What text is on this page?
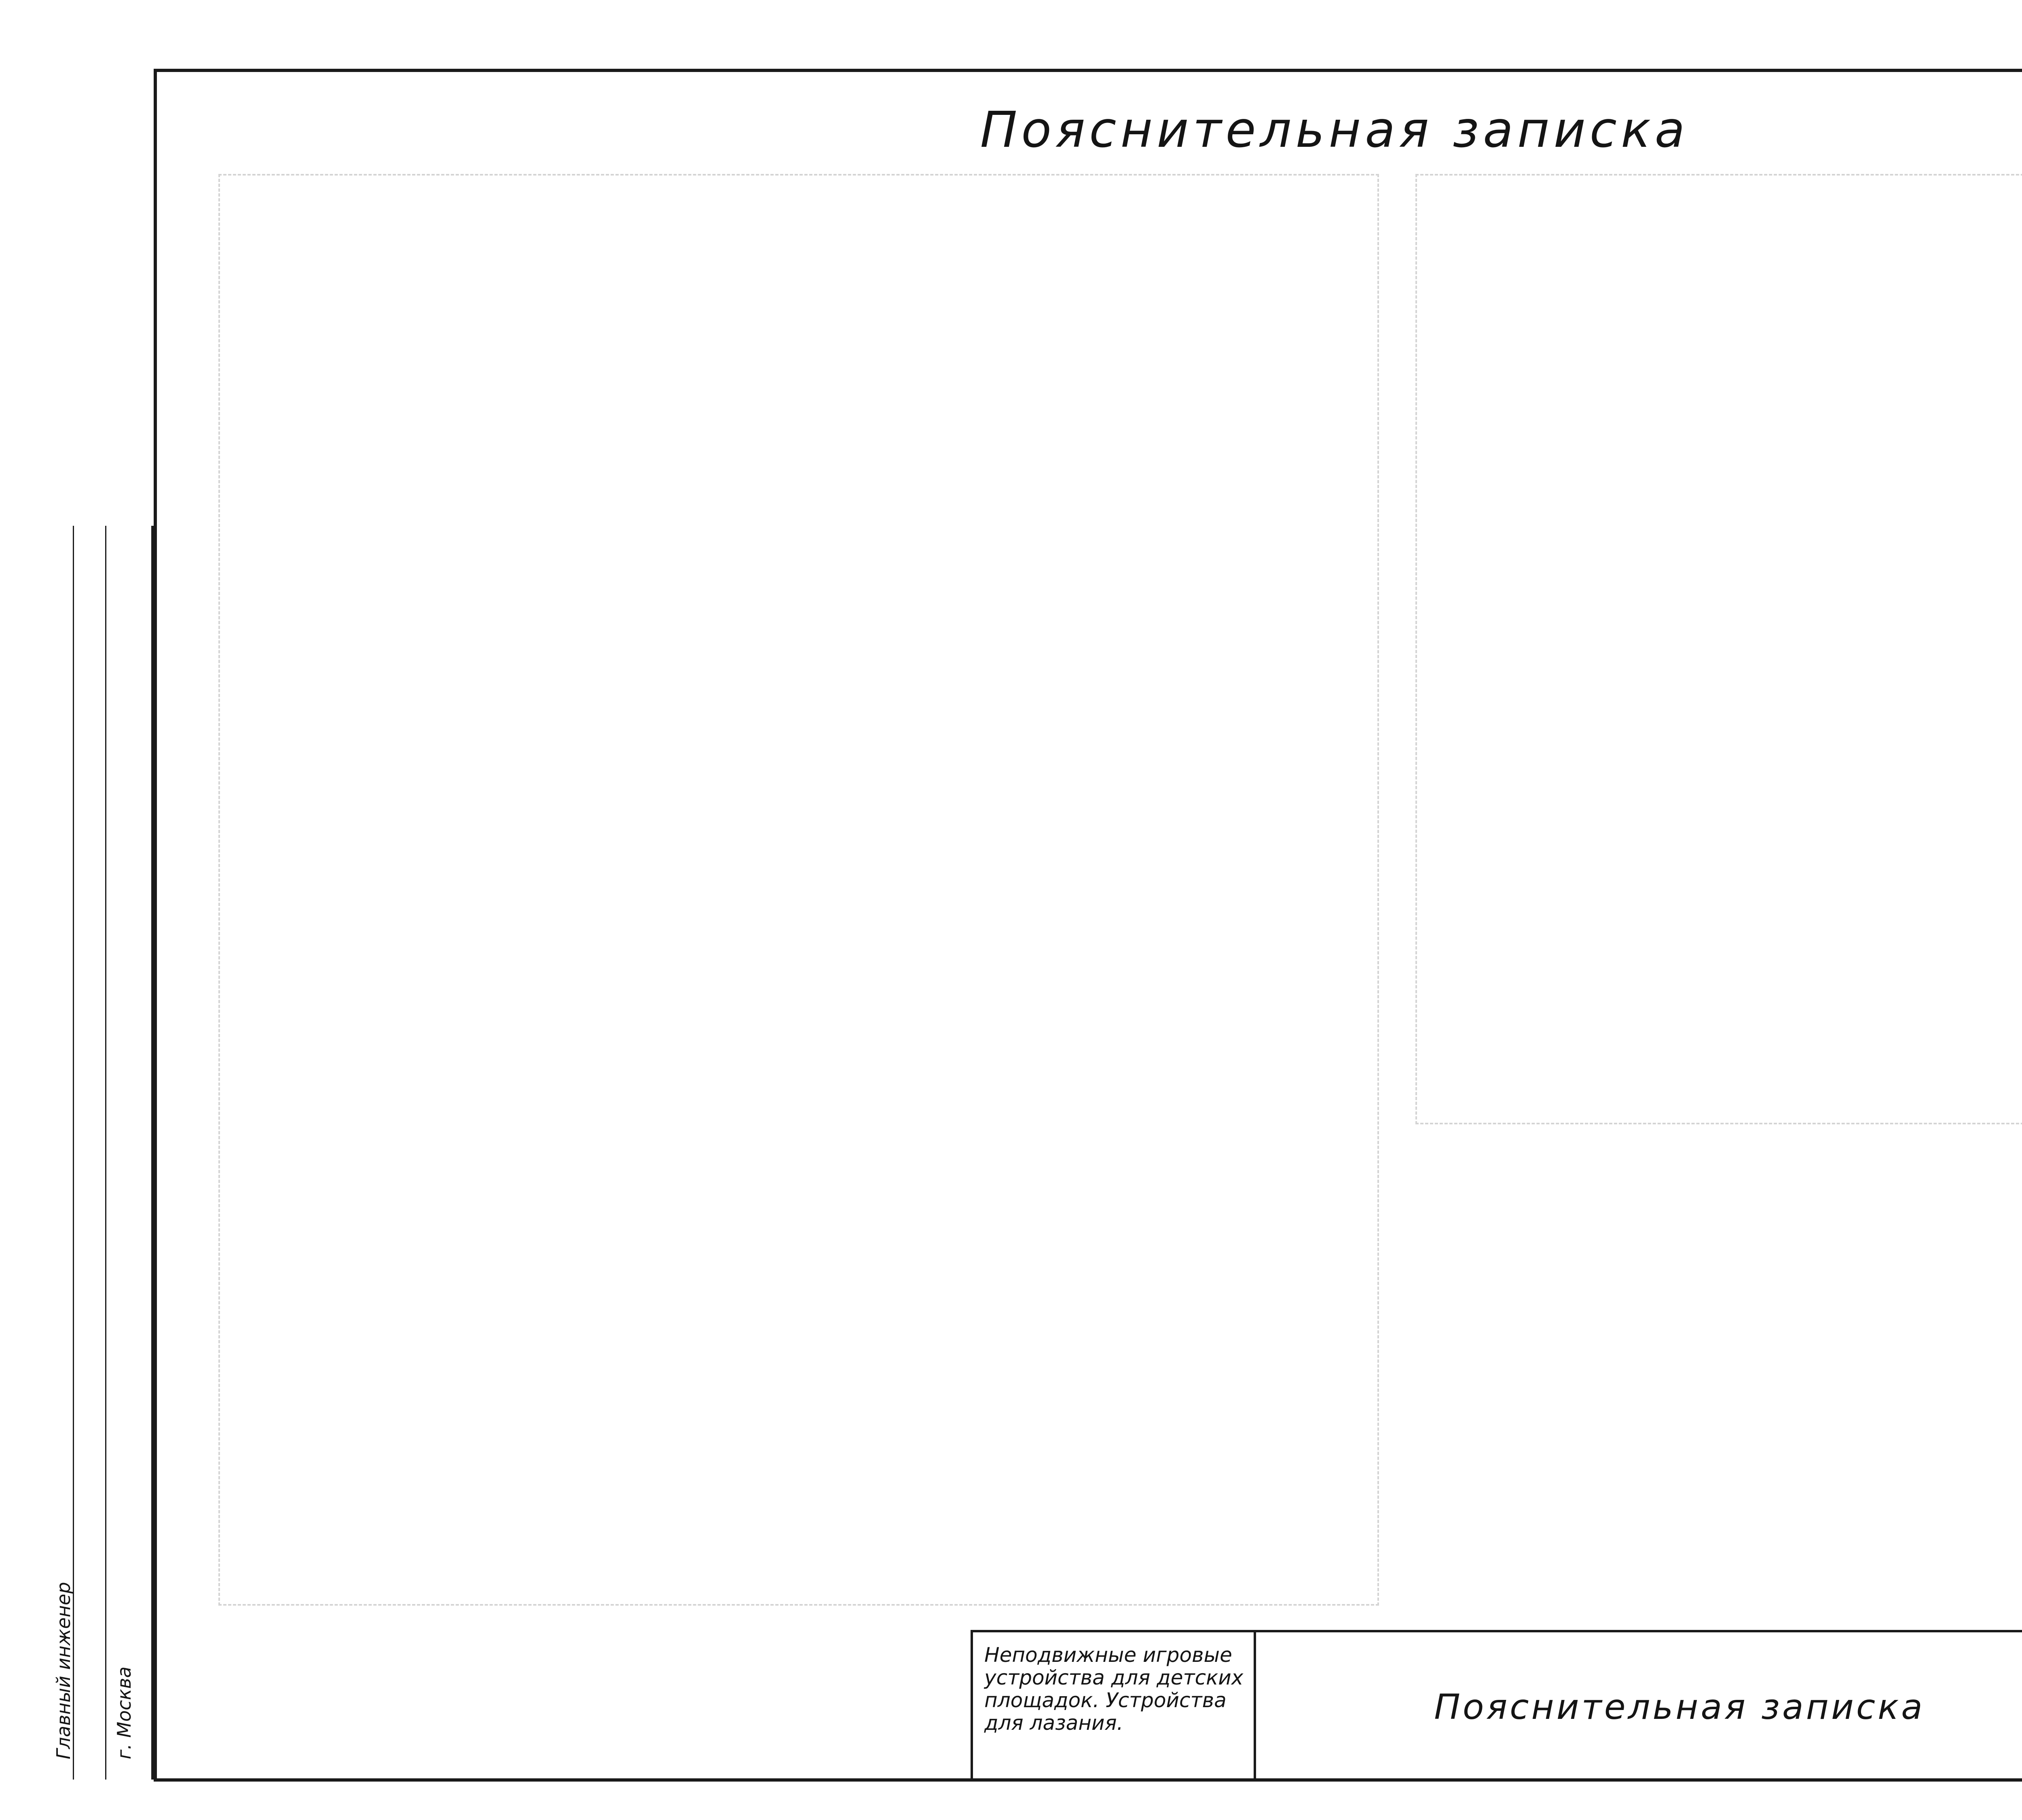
Главный инженер г. Москва
Пояснительная записка
Неподвижные игровые устройства для детских площадок. Устройства для лазания.	Пояснительная записка
